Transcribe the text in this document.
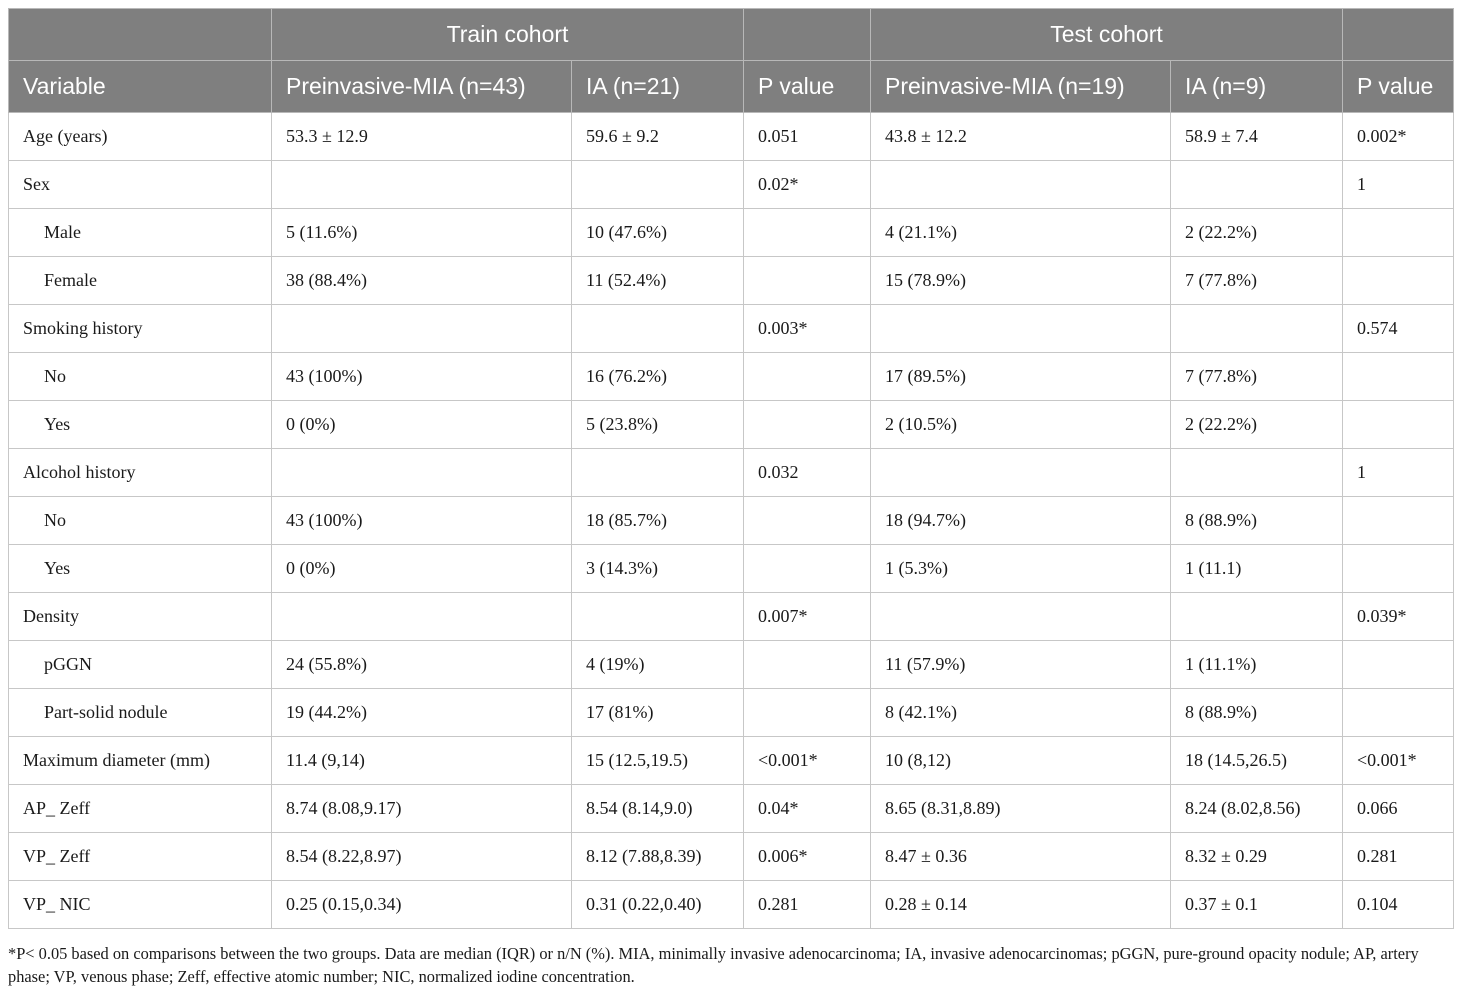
	Train cohort			Test cohort		
Variable	Preinvasive-MIA (n=43)	IA (n=21)	P value	Preinvasive-MIA (n=19)	IA (n=9)	P value
Age (years)	53.3 ± 12.9	59.6 ± 9.2	0.051	43.8 ± 12.2	58.9 ± 7.4	0.002*
Sex			0.02*			1
Male	5 (11.6%)	10 (47.6%)		4 (21.1%)	2 (22.2%)	
Female	38 (88.4%)	11 (52.4%)		15 (78.9%)	7 (77.8%)	
Smoking history			0.003*			0.574
No	43 (100%)	16 (76.2%)		17 (89.5%)	7 (77.8%)	
Yes	0 (0%)	5 (23.8%)		2 (10.5%)	2 (22.2%)	
Alcohol history			0.032			1
No	43 (100%)	18 (85.7%)		18 (94.7%)	8 (88.9%)	
Yes	0 (0%)	3 (14.3%)		1 (5.3%)	1 (11.1)	
Density			0.007*			0.039*
pGGN	24 (55.8%)	4 (19%)		11 (57.9%)	1 (11.1%)	
Part-solid nodule	19 (44.2%)	17 (81%)		8 (42.1%)	8 (88.9%)	
Maximum diameter (mm)	11.4 (9,14)	15 (12.5,19.5)	<0.001*	10 (8,12)	18 (14.5,26.5)	<0.001*
AP_ Zeff	8.74 (8.08,9.17)	8.54 (8.14,9.0)	0.04*	8.65 (8.31,8.89)	8.24 (8.02,8.56)	0.066
VP_ Zeff	8.54 (8.22,8.97)	8.12 (7.88,8.39)	0.006*	8.47 ± 0.36	8.32 ± 0.29	0.281
VP_ NIC	0.25 (0.15,0.34)	0.31 (0.22,0.40)	0.281	0.28 ± 0.14	0.37 ± 0.1	0.104

*P< 0.05 based on comparisons between the two groups. Data are median (IQR) or n/N (%). MIA, minimally invasive adenocarcinoma; IA, invasive adenocarcinomas; pGGN, pure-ground opacity nodule; AP, artery phase; VP, venous phase; Zeff, effective atomic number; NIC, normalized iodine concentration.
